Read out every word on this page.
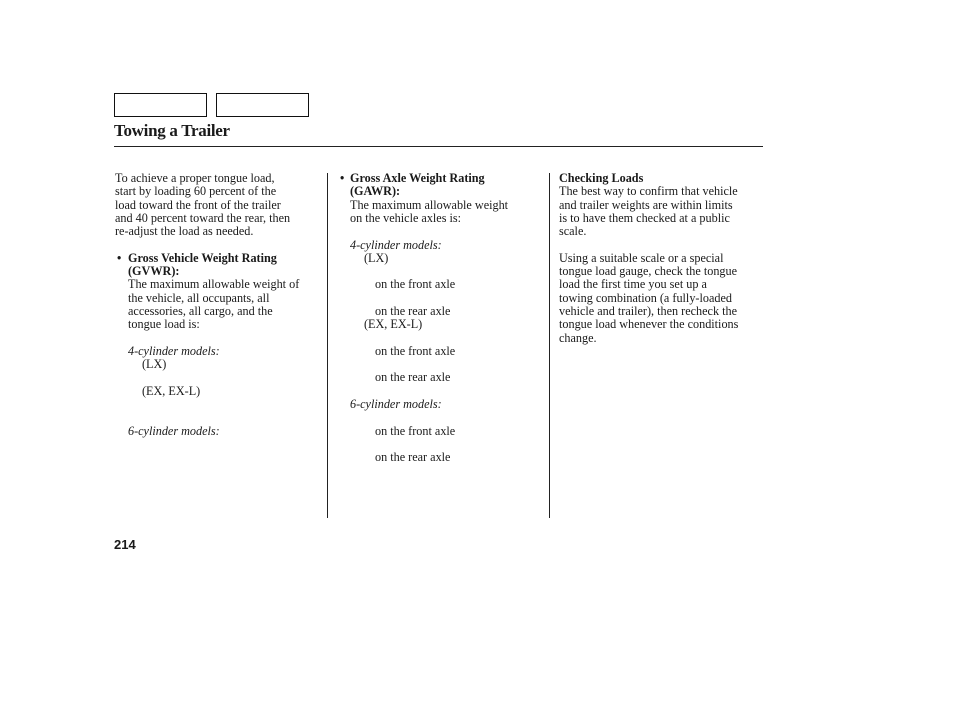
Towing a Trailer
To achieve a proper tongue load,
start by loading 60 percent of the
load toward the front of the trailer
and 40 percent toward the rear, then
re-adjust the load as needed.
• Gross Vehicle Weight Rating
(GVWR):
The maximum allowable weight of
the vehicle, all occupants, all
accessories, all cargo, and the
tongue load is:
4-cylinder models:
(LX)
(EX, EX-L)
6-cylinder models:
• Gross Axle Weight Rating
(GAWR):
The maximum allowable weight
on the vehicle axles is:
4-cylinder models:
(LX)
on the front axle
on the rear axle
(EX, EX-L)
on the front axle
on the rear axle
6-cylinder models:
on the front axle
on the rear axle
Checking Loads
The best way to confirm that vehicle
and trailer weights are within limits
is to have them checked at a public
scale.
Using a suitable scale or a special
tongue load gauge, check the tongue
load the first time you set up a
towing combination (a fully-loaded
vehicle and trailer), then recheck the
tongue load whenever the conditions
change.
214
